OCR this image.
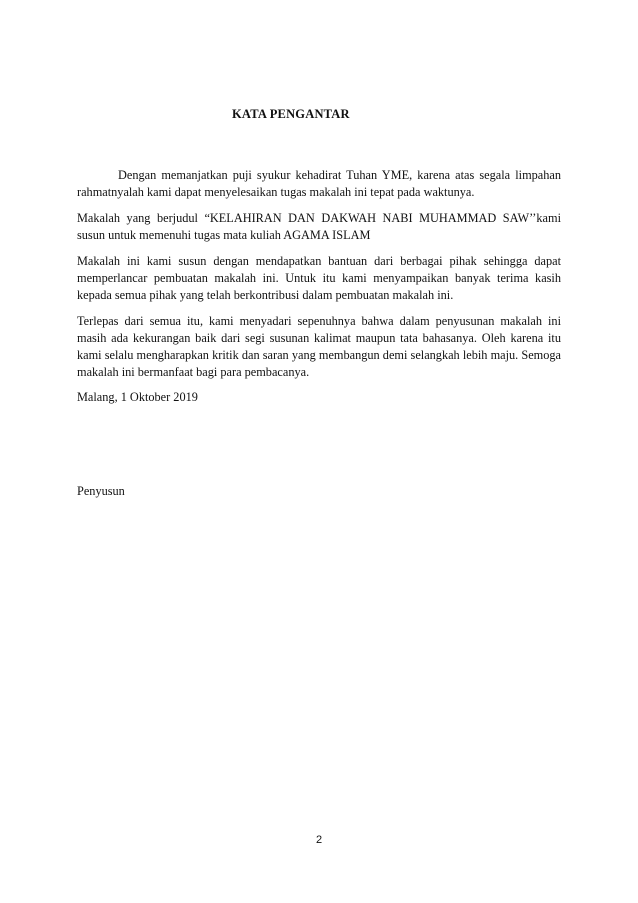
KATA PENGANTAR

Dengan memanjatkan puji syukur kehadirat Tuhan YME, karena atas segala limpahan rahmatnyalah kami dapat menyelesaikan tugas makalah ini tepat pada waktunya.

Makalah yang berjudul “KELAHIRAN DAN DAKWAH NABI MUHAMMAD SAW’’kami susun untuk memenuhi tugas mata kuliah AGAMA ISLAM

Makalah ini kami susun dengan mendapatkan bantuan dari berbagai pihak sehingga dapat memperlancar pembuatan makalah ini. Untuk itu kami menyampaikan banyak terima kasih kepada semua pihak yang telah berkontribusi dalam pembuatan makalah ini.

Terlepas dari semua itu, kami menyadari sepenuhnya bahwa dalam penyusunan makalah ini masih ada kekurangan baik dari segi susunan kalimat maupun tata bahasanya. Oleh karena itu kami selalu mengharapkan kritik dan saran yang membangun demi selangkah lebih maju. Semoga makalah ini bermanfaat bagi para pembacanya.

Malang, 1 Oktober 2019

Penyusun

2
